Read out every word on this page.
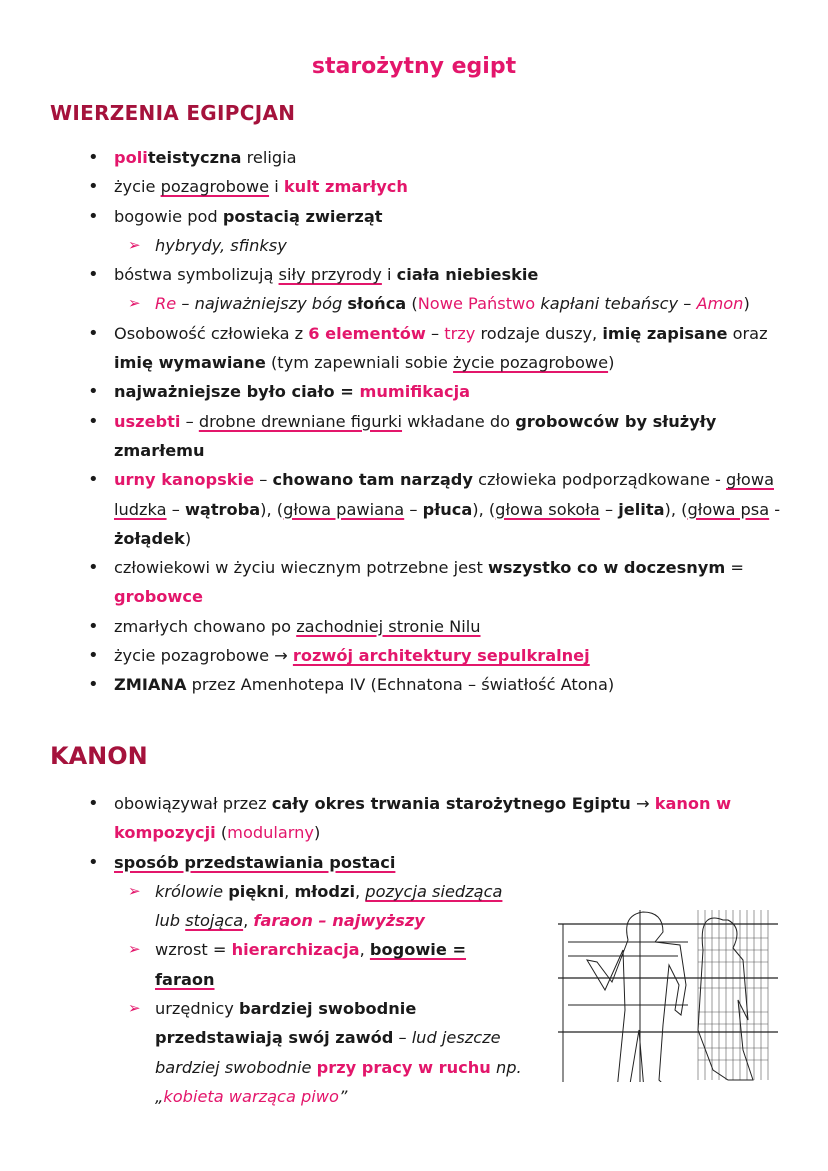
starożytny egipt
WIERZENIA EGIPCJAN
• politeistyczna religia
• życie pozagrobowe i kult zmarłych
• bogowie pod postacią zwierząt
➢ hybrydy, sfinksy
• bóstwa symbolizują siły przyrody i ciała niebieskie
➢ Re – najważniejszy bóg słońca (Nowe Państwo kapłani tebańscy – Amon)
• Osobowość człowieka z 6 elementów – trzy rodzaje duszy, imię zapisane oraz imię wymawiane (tym zapewniali sobie życie pozagrobowe)
• najważniejsze było ciało = mumifikacja
• uszebti – drobne drewniane figurki wkładane do grobowców by służyły zmarłemu
• urny kanopskie – chowano tam narządy człowieka podporządkowane - głowa ludzka – wątroba), (głowa pawiana – płuca), (głowa sokoła – jelita), (głowa psa - żołądek)
• człowiekowi w życiu wiecznym potrzebne jest wszystko co w doczesnym = grobowce
• zmarłych chowano po zachodniej stronie Nilu
• życie pozagrobowe → rozwój architektury sepulkralnej
• ZMIANA przez Amenhotepa IV (Echnatona – światłość Atona)
KANON
• obowiązywał przez cały okres trwania starożytnego Egiptu → kanon w kompozycji (modularny)
• sposób przedstawiania postaci
➢ królowie piękni, młodzi, pozycja siedząca lub stojąca, faraon – najwyższy
➢ wzrost = hierarchizacja, bogowie = faraon
➢ urzędnicy bardziej swobodnie przedstawiają swój zawód – lud jeszcze bardziej swobodnie przy pracy w ruchu np. „kobieta warząca piwo”
